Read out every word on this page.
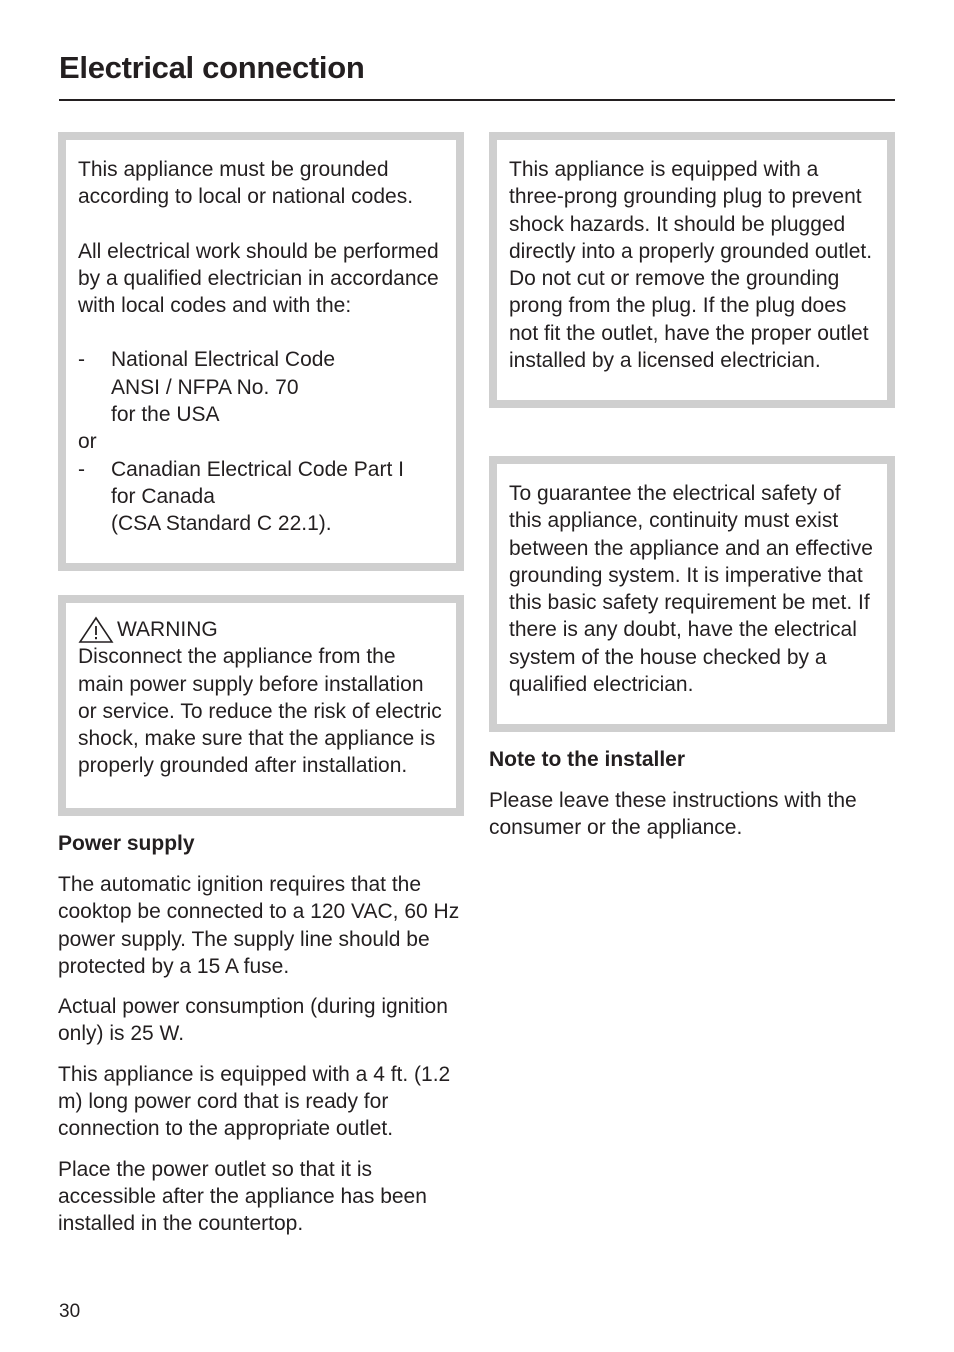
Electrical connection

This appliance must be grounded according to local or national codes.

All electrical work should be performed by a qualified electrician in accordance with local codes and with the:

-	National Electrical Code
ANSI / NFPA No. 70
for the USA
or
-	Canadian Electrical Code Part I
for Canada
(CSA Standard C 22.1).
WARNING

Disconnect the appliance from the main power supply before installation or service. To reduce the risk of electric shock, make sure that the appliance is properly grounded after installation.

Power supply

The automatic ignition requires that the cooktop be connected to a 120 VAC, 60 Hz power supply. The supply line should be protected by a 15 A fuse.

Actual power consumption (during ignition only) is 25 W.

This appliance is equipped with a 4 ft. (1.2 m) long power cord that is ready for connection to the appropriate outlet.

Place the power outlet so that it is accessible after the appliance has been installed in the countertop.

This appliance is equipped with a three-prong grounding plug to prevent shock hazards. It should be plugged directly into a properly grounded outlet. Do not cut or remove the grounding prong from the plug. If the plug does not fit the outlet, have the proper outlet installed by a licensed electrician.

To guarantee the electrical safety of this appliance, continuity must exist between the appliance and an effective grounding system. It is imperative that this basic safety requirement be met. If there is any doubt, have the electrical system of the house checked by a qualified electrician.

Note to the installer

Please leave these instructions with the consumer or the appliance.

30
